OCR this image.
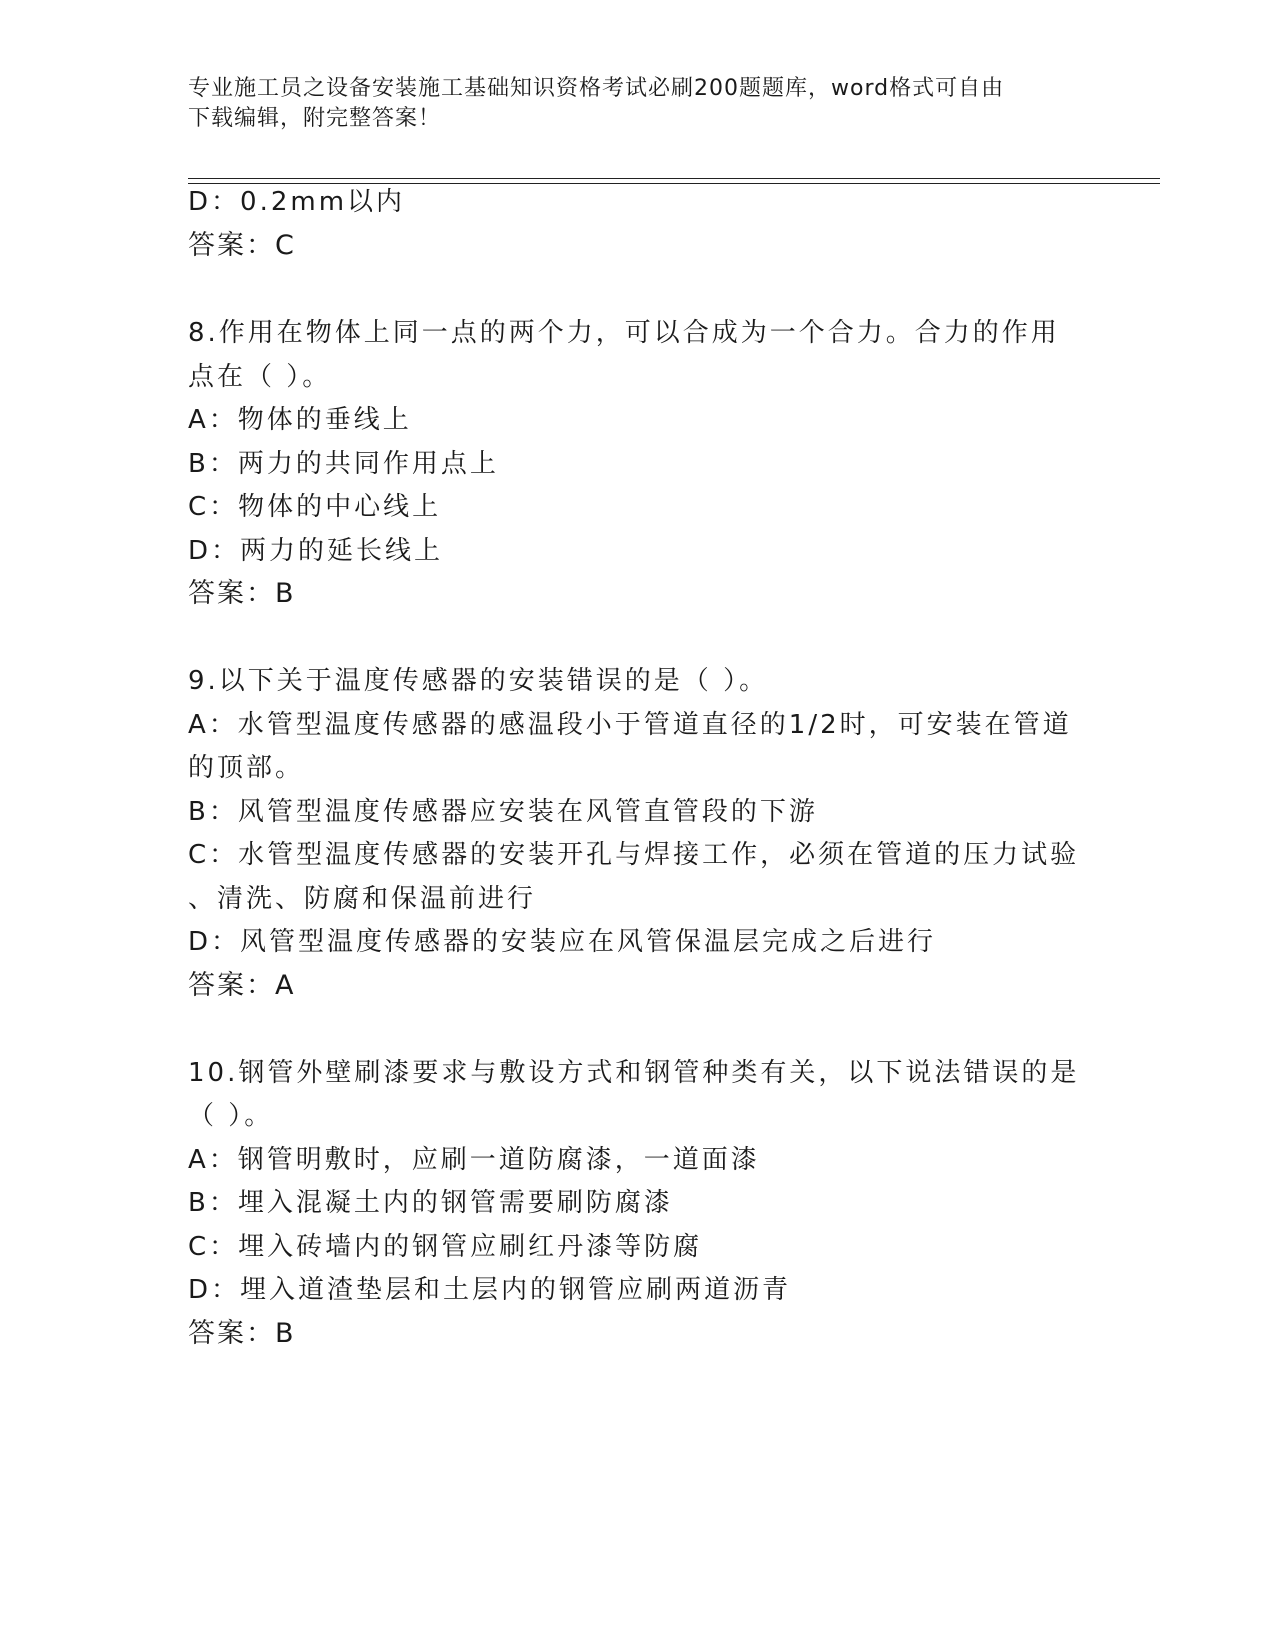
专业施工员之设备安装施工基础知识资格考试必刷200题题库，word格式可自由
下载编辑，附完整答案！
D：0.2mm以内
答案：C
8.作用在物体上同一点的两个力，可以合成为一个合力。合力的作用
点在（ ）。
A：物体的垂线上
B：两力的共同作用点上
C：物体的中心线上
D：两力的延长线上
答案：B
9.以下关于温度传感器的安装错误的是（ ）。
A：水管型温度传感器的感温段小于管道直径的1/2时，可安装在管道
的顶部。
B：风管型温度传感器应安装在风管直管段的下游
C：水管型温度传感器的安装开孔与焊接工作，必须在管道的压力试验
、清洗、防腐和保温前进行
D：风管型温度传感器的安装应在风管保温层完成之后进行
答案：A
10.钢管外壁刷漆要求与敷设方式和钢管种类有关，以下说法错误的是
（ ）。
A：钢管明敷时，应刷一道防腐漆，一道面漆
B：埋入混凝土内的钢管需要刷防腐漆
C：埋入砖墙内的钢管应刷红丹漆等防腐
D：埋入道渣垫层和土层内的钢管应刷两道沥青
答案：B
